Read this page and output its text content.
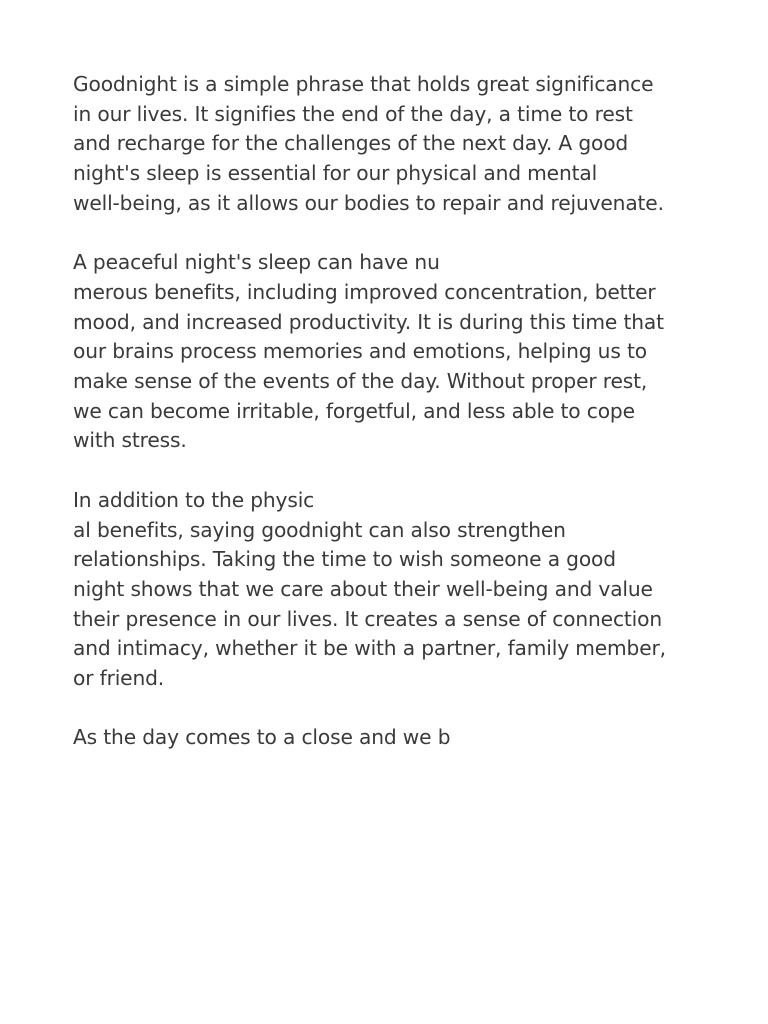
Goodnight is a simple phrase that holds great significance
in our lives. It signifies the end of the day, a time to rest
and recharge for the challenges of the next day. A good
night's sleep is essential for our physical and mental
well-being, as it allows our bodies to repair and rejuvenate.
A peaceful night's sleep can have nu
merous benefits, including improved concentration, better
mood, and increased productivity. It is during this time that
our brains process memories and emotions, helping us to
make sense of the events of the day. Without proper rest,
we can become irritable, forgetful, and less able to cope
with stress.
In addition to the physic
al benefits, saying goodnight can also strengthen
relationships. Taking the time to wish someone a good
night shows that we care about their well-being and value
their presence in our lives. It creates a sense of connection
and intimacy, whether it be with a partner, family member,
or friend.
As the day comes to a close and we b
